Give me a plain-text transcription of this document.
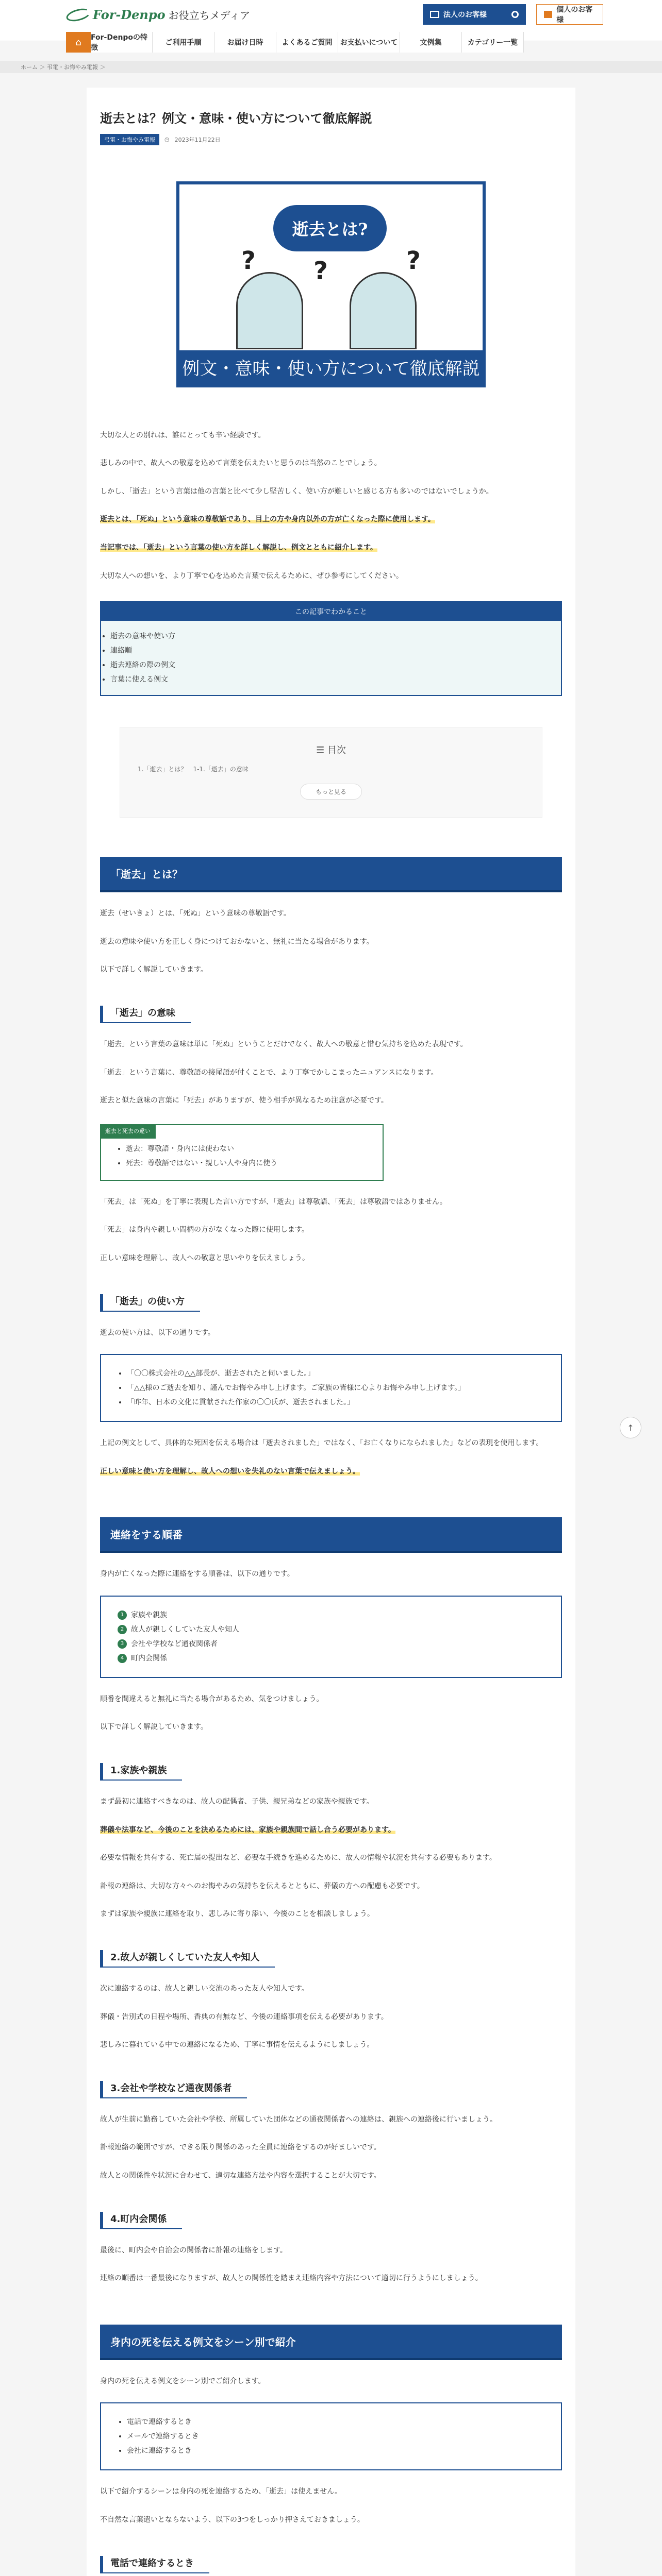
For-Denpo お役立ちメディア	法人のお客様
個人のお客様
⌂	For-Denpoの特徴
ご利用手順	お届け日時	よくあるご質問	お支払いについて	文例集	カテゴリー一覧
ホーム ＞ 弔電・お悔やみ電報 ＞
逝去とは？例文・意味・使い方について徹底解説
弔電・お悔やみ電報	◷ 2023年11月22日
逝去とは?
? ?	?
例文・意味・使い方について徹底解説

大切な人との別れは、誰にとっても辛い経験です。

悲しみの中で、故人への敬意を込めて言葉を伝えたいと思うのは当然のことでしょう。

しかし、「逝去」という言葉は他の言葉と比べて少し堅苦しく、使い方が難しいと感じる方も多いのではないでしょうか。

逝去とは、「死ぬ」という意味の尊敬語であり、目上の方や身内以外の方が亡くなった際に使用します。

当記事では、「逝去」という言葉の使い方を詳しく解説し、例文とともに紹介します。

大切な人への想いを、より丁寧で心を込めた言葉で伝えるために、ぜひ参考にしてください。

この記事でわかること
• 逝去の意味や使い方
• 連絡順
• 逝去連絡の際の例文
• 言葉に使える例文
☰ 目次
1.「逝去」とは？　1-1.「逝去」の意味
もっと見る
「逝去」とは？

逝去（せいきょ）とは、「死ぬ」という意味の尊敬語です。

逝去の意味や使い方を正しく身につけておかないと、無礼に当たる場合があります。

以下で詳しく解説していきます。

「逝去」の意味

「逝去」という言葉の意味は単に「死ぬ」ということだけでなく、故人への敬意と惜む気持ちを込めた表現です。

「逝去」という言葉に、尊敬語の接尾語が付くことで、より丁寧でかしこまったニュアンスになります。

逝去と似た意味の言葉に「死去」がありますが、使う相手が異なるため注意が必要です。

逝去と死去の違い
• 逝去：尊敬語・身内には使わない
• 死去：尊敬語ではない・親しい人や身内に使う

「死去」は「死ぬ」を丁寧に表現した言い方ですが、「逝去」は尊敬語、「死去」は尊敬語ではありません。

「死去」は身内や親しい間柄の方がなくなった際に使用します。

正しい意味を理解し、故人への敬意と思いやりを伝えましょう。

「逝去」の使い方

逝去の使い方は、以下の通りです。

• 「〇〇株式会社の△△部長が、逝去されたと伺いました。」
• 「△△様のご逝去を知り、謹んでお悔やみ申し上げます。ご家族の皆様に心よりお悔やみ申し上げます。」
• 「昨年、日本の文化に貢献された作家の〇〇氏が、逝去されました。」

上記の例文として、具体的な死因を伝える場合は「逝去されました」ではなく、「お亡くなりになられました」などの表現を使用します。

正しい意味と使い方を理解し、故人への想いを失礼のない言葉で伝えましょう。

連絡をする順番

身内が亡くなった際に連絡をする順番は、以下の通りです。

1 家族や親族
2 故人が親しくしていた友人や知人
3 会社や学校など通夜関係者
4 町内会関係

順番を間違えると無礼に当たる場合があるため、気をつけましょう。

以下で詳しく解説していきます。

1.家族や親族

まず最初に連絡すべきなのは、故人の配偶者、子供、親兄弟などの家族や親族です。

葬儀や法事など、今後のことを決めるためには、家族や親族間で話し合う必要があります。

必要な情報を共有する、死亡届の提出など、必要な手続きを進めるために、故人の情報や状況を共有する必要もあります。

訃報の連絡は、大切な方々へのお悔やみの気持ちを伝えるとともに、葬儀の方への配慮も必要です。

まずは家族や親族に連絡を取り、悲しみに寄り添い、今後のことを相談しましょう。

2.故人が親しくしていた友人や知人

次に連絡するのは、故人と親しい交流のあった友人や知人です。

葬儀・告別式の日程や場所、香典の有無など、今後の連絡事項を伝える必要があります。

悲しみに暮れている中での連絡になるため、丁寧に事情を伝えるようにしましょう。

3.会社や学校など通夜関係者

故人が生前に勤務していた会社や学校、所属していた団体などの通夜関係者への連絡は、親族への連絡後に行いましょう。

訃報連絡の範囲ですが、できる限り関係のあった全員に連絡をするのが好ましいです。

故人との関係性や状況に合わせて、適切な連絡方法や内容を選択することが大切です。

4.町内会関係

最後に、町内会や自治会の関係者に訃報の連絡をします。

連絡の順番は一番最後になりますが、故人との関係性を踏まえ連絡内容や方法について適切に行うようにしましょう。

身内の死を伝える例文をシーン別で紹介

身内の死を伝える例文をシーン別でご紹介します。

• 電話で連絡するとき
• メールで連絡するとき
• 会社に連絡するとき

以下で紹介するシーンは身内の死を連絡するため、「逝去」は使えません。

不自然な言葉遣いとならないよう、以下の3つをしっかり押さえておきましょう。

電話で連絡するとき

↑
